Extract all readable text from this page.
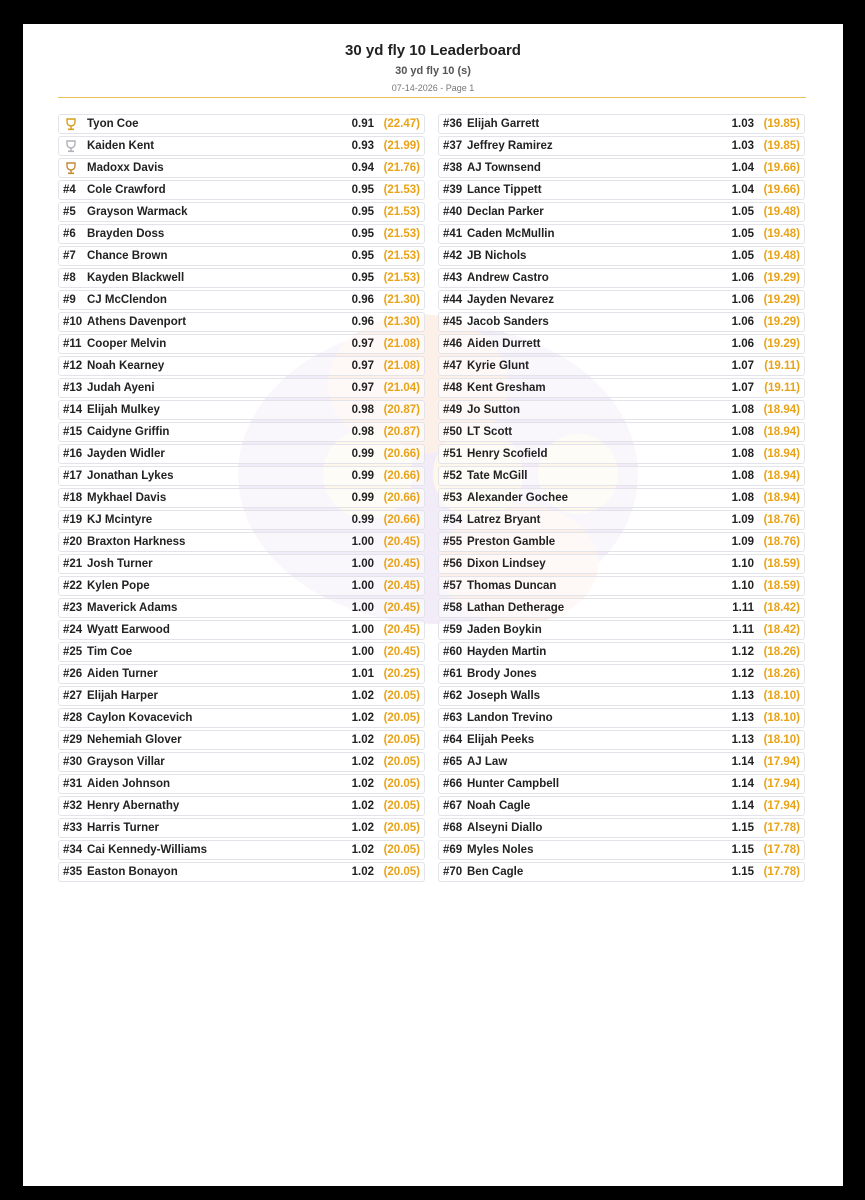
30 yd fly 10 Leaderboard
30 yd fly 10 (s)
07-14-2026 - Page 1
Tyon Coe	0.91 (22.47)
Kaiden Kent	0.93 (21.99)
Madoxx Davis	0.94 (21.76)
#4 Cole Crawford	0.95 (21.53)
#5 Grayson Warmack	0.95 (21.53)
#6 Brayden Doss	0.95 (21.53)
#7 Chance Brown	0.95 (21.53)
#8 Kayden Blackwell	0.95 (21.53)
#9 CJ McClendon	0.96 (21.30)
#10 Athens Davenport	0.96 (21.30)
#11 Cooper Melvin	0.97 (21.08)
#12 Noah Kearney	0.97 (21.08)
#13 Judah Ayeni	0.97 (21.04)
#14 Elijah Mulkey	0.98 (20.87)
#15 Caidyne Griffin	0.98 (20.87)
#16 Jayden Widler	0.99 (20.66)
#17 Jonathan Lykes	0.99 (20.66)
#18 Mykhael Davis	0.99 (20.66)
#19 KJ Mcintyre	0.99 (20.66)
#20 Braxton Harkness	1.00 (20.45)
#21 Josh Turner	1.00 (20.45)
#22 Kylen Pope	1.00 (20.45)
#23 Maverick Adams	1.00 (20.45)
#24 Wyatt Earwood	1.00 (20.45)
#25 Tim Coe	1.00 (20.45)
#26 Aiden Turner	1.01 (20.25)
#27 Elijah Harper	1.02 (20.05)
#28 Caylon Kovacevich	1.02 (20.05)
#29 Nehemiah Glover	1.02 (20.05)
#30 Grayson Villar	1.02 (20.05)
#31 Aiden Johnson	1.02 (20.05)
#32 Henry Abernathy	1.02 (20.05)
#33 Harris Turner	1.02 (20.05)
#34 Cai Kennedy-Williams	1.02 (20.05)
#35 Easton Bonayon	1.02 (20.05)
#36 Elijah Garrett	1.03 (19.85)
#37 Jeffrey Ramirez	1.03 (19.85)
#38 AJ Townsend	1.04 (19.66)
#39 Lance Tippett	1.04 (19.66)
#40 Declan Parker	1.05 (19.48)
#41 Caden McMullin	1.05 (19.48)
#42 JB Nichols	1.05 (19.48)
#43 Andrew Castro	1.06 (19.29)
#44 Jayden Nevarez	1.06 (19.29)
#45 Jacob Sanders	1.06 (19.29)
#46 Aiden Durrett	1.06 (19.29)
#47 Kyrie Glunt	1.07 (19.11)
#48 Kent Gresham	1.07 (19.11)
#49 Jo Sutton	1.08 (18.94)
#50 LT Scott	1.08 (18.94)
#51 Henry Scofield	1.08 (18.94)
#52 Tate McGill	1.08 (18.94)
#53 Alexander Gochee	1.08 (18.94)
#54 Latrez Bryant	1.09 (18.76)
#55 Preston Gamble	1.09 (18.76)
#56 Dixon Lindsey	1.10 (18.59)
#57 Thomas Duncan	1.10 (18.59)
#58 Lathan Detherage	1.11 (18.42)
#59 Jaden Boykin	1.11 (18.42)
#60 Hayden Martin	1.12 (18.26)
#61 Brody Jones	1.12 (18.26)
#62 Joseph Walls	1.13 (18.10)
#63 Landon Trevino	1.13 (18.10)
#64 Elijah Peeks	1.13 (18.10)
#65 AJ Law	1.14 (17.94)
#66 Hunter Campbell	1.14 (17.94)
#67 Noah Cagle	1.14 (17.94)
#68 Alseyni Diallo	1.15 (17.78)
#69 Myles Noles	1.15 (17.78)
#70 Ben Cagle	1.15 (17.78)
